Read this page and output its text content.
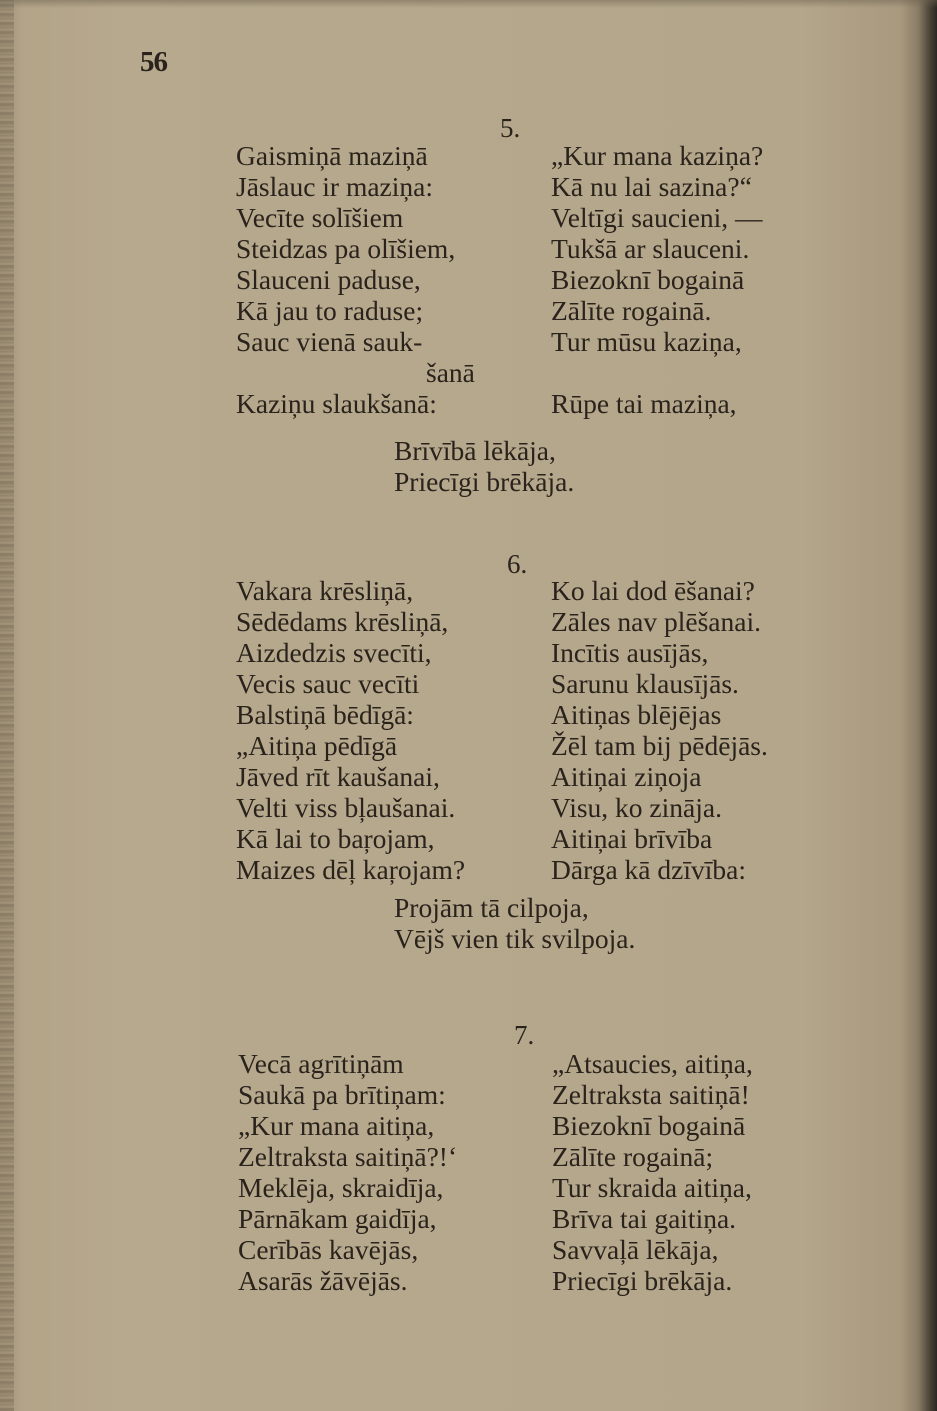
56
5.
Gaismiņā maziņā
Jāslauc ir maziņa:
Vecīte solīšiem
Steidzas pa olīšiem,
Slauceni paduse,
Kā jau to raduse;
Sauc vienā sauk-
šanā
Kaziņu slaukšanā:
„Kur mana kaziņa?
Kā nu lai sazina?“
Veltīgi saucieni, —
Tukšā ar slauceni.
Biezoknī bogainā
Zālīte rogainā.
Tur mūsu kaziņa,
Rūpe tai maziņa,
Brīvībā lēkāja,
Priecīgi brēkāja.
6.
Vakara krēsliņā,
Sēdēdams krēsliņā,
Aizdedzis svecīti,
Vecis sauc vecīti
Balstiņā bēdīgā:
„Aitiņa pēdīgā
Jāved rīt kaušanai,
Velti viss bļaušanai.
Kā lai to baŗojam,
Maizes dēļ kaŗojam?
Ko lai dod ēšanai?
Zāles nav plēšanai.
Incītis ausījās,
Sarunu klausījās.
Aitiņas blējējas
Žēl tam bij pēdējās.
Aitiņai ziņoja
Visu, ko zināja.
Aitiņai brīvība
Dārga kā dzīvība:
Projām tā cilpoja,
Vējš vien tik svilpoja.
7.
Vecā agrītiņām
Saukā pa brītiņam:
„Kur mana aitiņa,
Zeltraksta saitiņā?!‘
Meklēja, skraidīja,
Pārnākam gaidīja,
Cerībās kavējās,
Asarās žāvējās.
„Atsaucies, aitiņa,
Zeltraksta saitiņā!
Biezoknī bogainā
Zālīte rogainā;
Tur skraida aitiņa,
Brīva tai gaitiņa.
Savvaļā lēkāja,
Priecīgi brēkāja.
